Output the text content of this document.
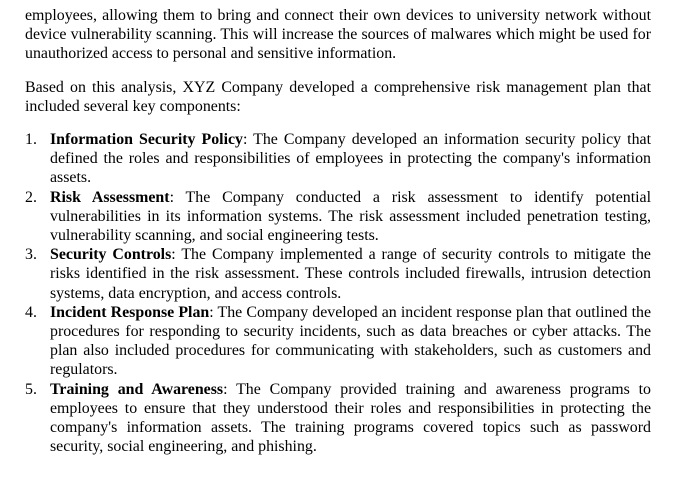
employees, allowing them to bring and connect their own devices to university network without device vulnerability scanning. This will increase the sources of malwares which might be used for unauthorized access to personal and sensitive information.

Based on this analysis, XYZ Company developed a comprehensive risk management plan that included several key components:

1. Information Security Policy: The Company developed an information security policy that defined the roles and responsibilities of employees in protecting the company's information assets.
2. Risk Assessment: The Company conducted a risk assessment to identify potential vulnerabilities in its information systems. The risk assessment included penetration testing, vulnerability scanning, and social engineering tests.
3. Security Controls: The Company implemented a range of security controls to mitigate the risks identified in the risk assessment. These controls included firewalls, intrusion detection systems, data encryption, and access controls.
4. Incident Response Plan: The Company developed an incident response plan that outlined the procedures for responding to security incidents, such as data breaches or cyber attacks. The plan also included procedures for communicating with stakeholders, such as customers and regulators.
5. Training and Awareness: The Company provided training and awareness programs to employees to ensure that they understood their roles and responsibilities in protecting the company's information assets. The training programs covered topics such as password security, social engineering, and phishing.
